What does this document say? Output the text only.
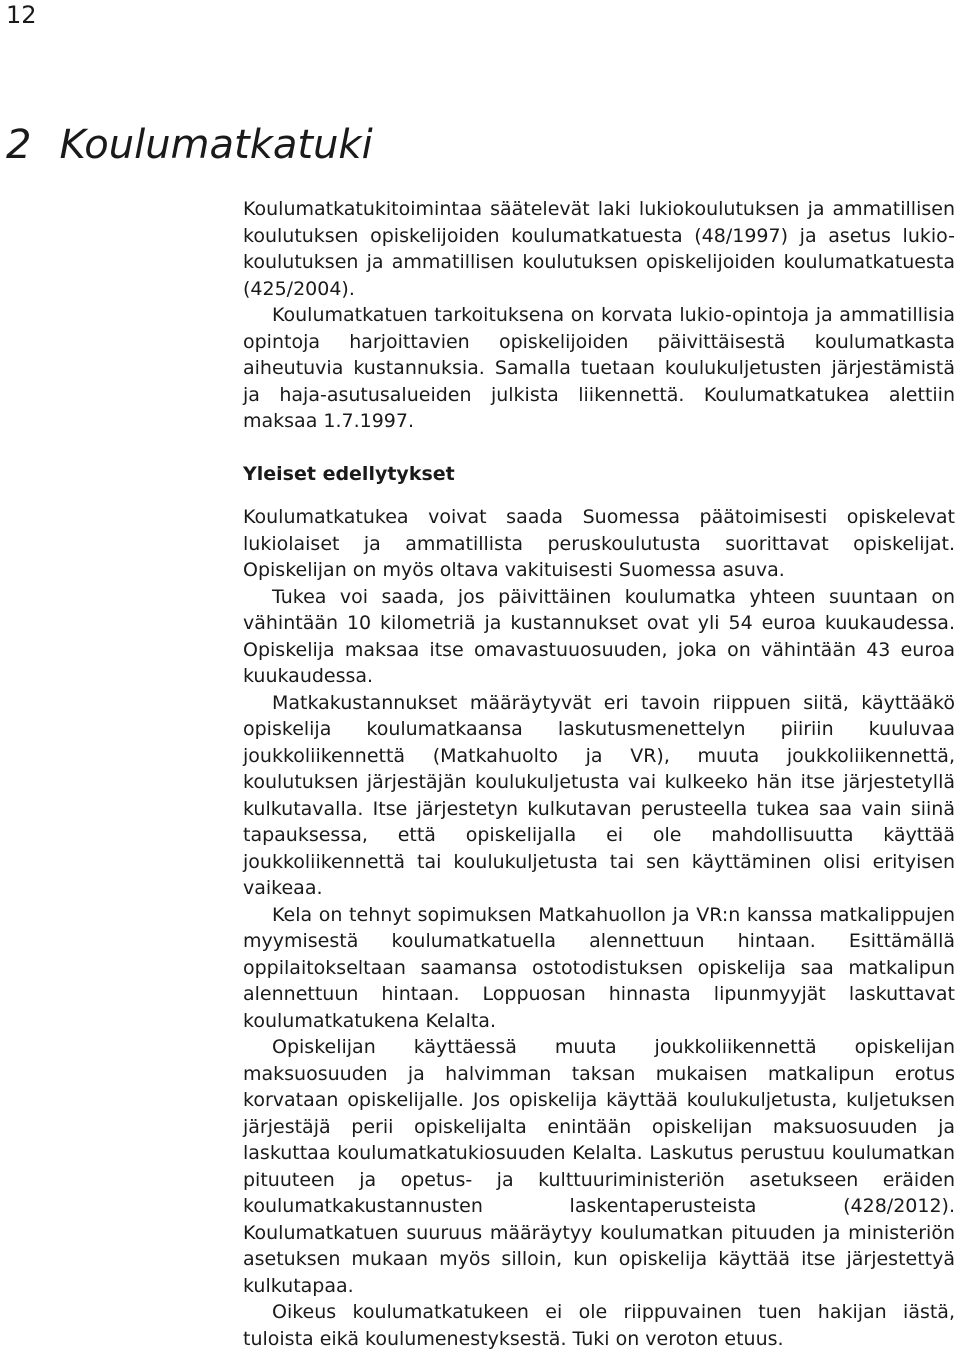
12
2 Koulumatkatuki

Koulumatkatukitoimintaa säätelevät laki lukiokoulutuksen ja ammatillisen koulutuksen opiskelijoiden koulumatkatuesta (48/1997) ja asetus lukio-koulutuksen ja ammatillisen koulutuksen opiskelijoiden koulumatkatuesta (425/2004).

Koulumatkatuen tarkoituksena on korvata lukio-opintoja ja ammatillisia opintoja harjoittavien opiskelijoiden päivittäisestä koulumatkasta aiheutuvia kustannuksia. Samalla tuetaan koulukuljetusten järjestämistä ja haja-asutusalueiden julkista liikennettä. Koulumatkatukea alettiin maksaa 1.7.1997.

Yleiset edellytykset

Koulumatkatukea voivat saada Suomessa päätoimisesti opiskelevat lukiolaiset ja ammatillista peruskoulutusta suorittavat opiskelijat. Opiskelijan on myös oltava vakituisesti Suomessa asuva.

Tukea voi saada, jos päivittäinen koulumatka yhteen suuntaan on vähintään 10 kilometriä ja kustannukset ovat yli 54 euroa kuukaudessa. Opiskelija maksaa itse omavastuuosuuden, joka on vähintään 43 euroa kuukaudessa.

Matkakustannukset määräytyvät eri tavoin riippuen siitä, käyttääkö opiskelija koulumatkaansa laskutusmenettelyn piiriin kuuluvaa joukkoliikennettä (Matkahuolto ja VR), muuta joukkoliikennettä, koulutuksen järjestäjän koulukuljetusta vai kulkeeko hän itse järjestetyllä kulkutavalla. Itse järjestetyn kulkutavan perusteella tukea saa vain siinä tapauksessa, että opiskelijalla ei ole mahdollisuutta käyttää joukkoliikennettä tai koulukuljetusta tai sen käyttäminen olisi erityisen vaikeaa.

Kela on tehnyt sopimuksen Matkahuollon ja VR:n kanssa matkalippujen myymisestä koulumatkatuella alennettuun hintaan. Esittämällä oppilaitokseltaan saamansa ostotodistuksen opiskelija saa matkalipun alennettuun hintaan. Loppuosan hinnasta lipunmyyjät laskuttavat koulumatkatukena Kelalta.

Opiskelijan käyttäessä muuta joukkoliikennettä opiskelijan maksuosuuden ja halvimman taksan mukaisen matkalipun erotus korvataan opiskelijalle. Jos opiskelija käyttää koulukuljetusta, kuljetuksen järjestäjä perii opiskelijalta enintään opiskelijan maksuosuuden ja laskuttaa koulumatkatukiosuuden Kelalta. Laskutus perustuu koulumatkan pituuteen ja opetus- ja kulttuuriministeriön asetukseen eräiden koulumatkakustannusten laskentaperusteista (428/2012). Koulumatkatuen suuruus määräytyy koulumatkan pituuden ja ministeriön asetuksen mukaan myös silloin, kun opiskelija käyttää itse järjestettyä kulkutapaa.

Oikeus koulumatkatukeen ei ole riippuvainen tuen hakijan iästä, tuloista eikä koulumenestyksestä. Tuki on veroton etuus.
